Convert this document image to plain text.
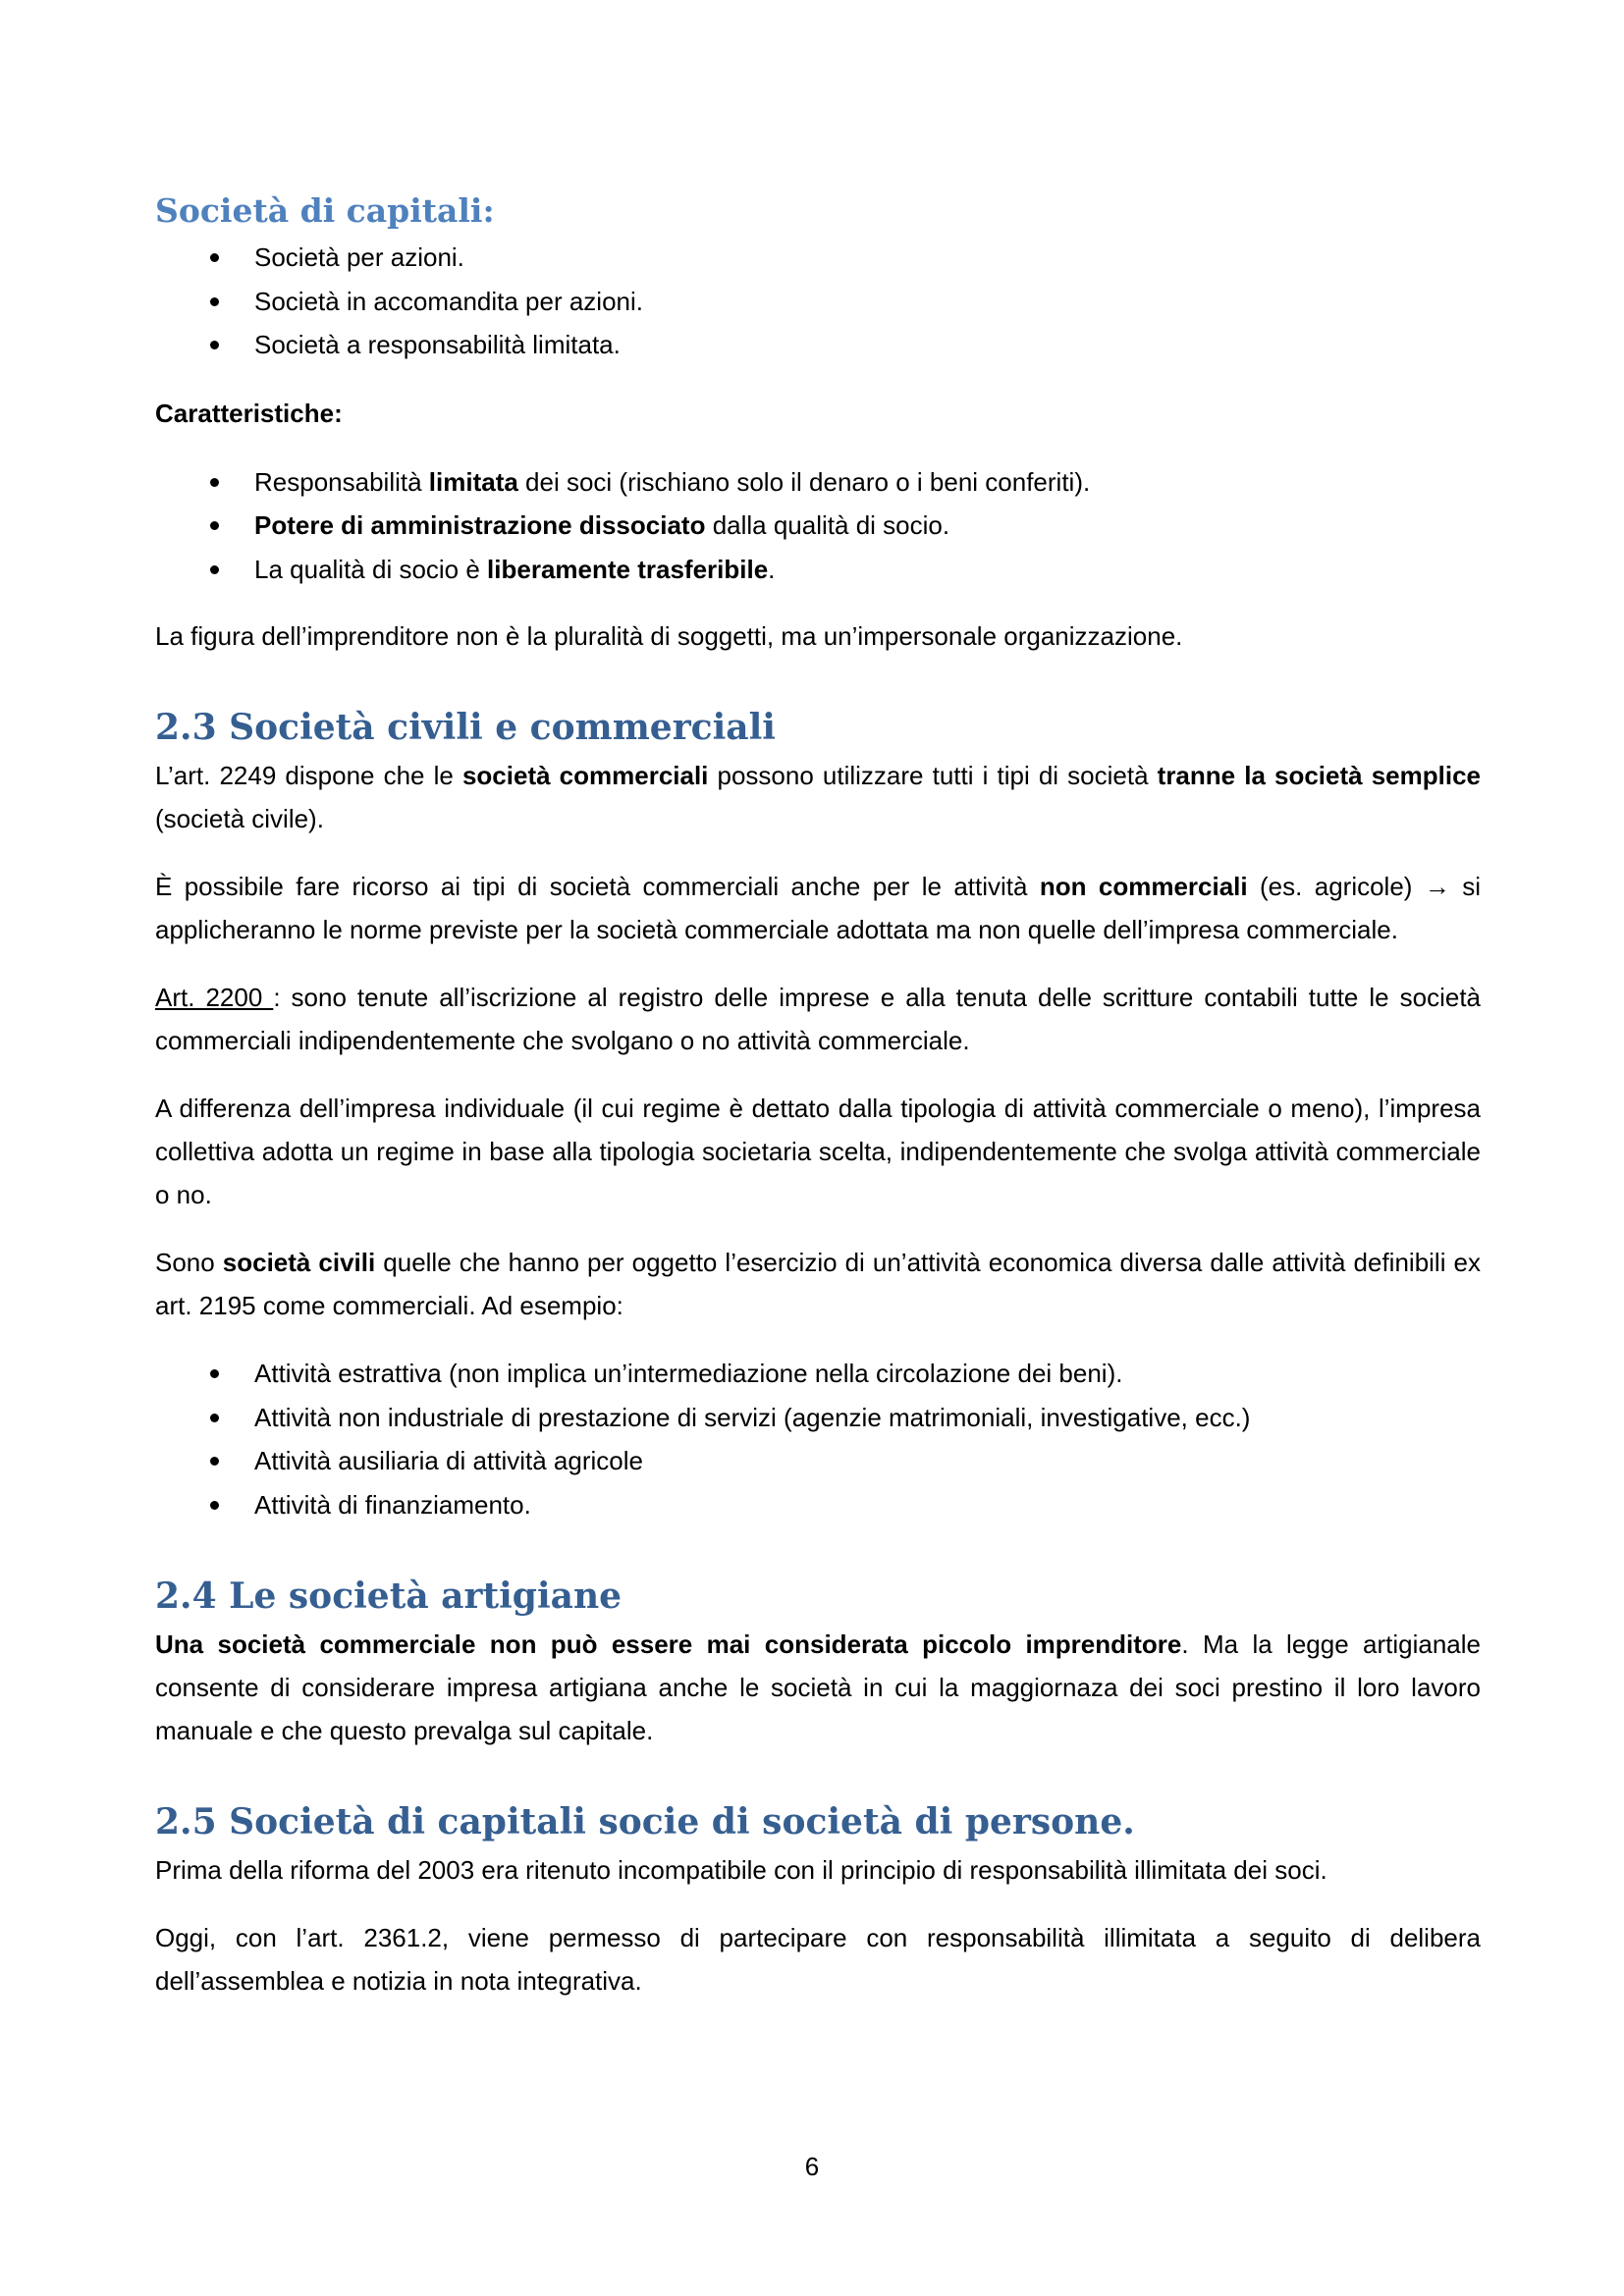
Società di capitali:
Società per azioni.
Società in accomandita per azioni.
Società a responsabilità limitata.

Caratteristiche:

Responsabilità limitata dei soci (rischiano solo il denaro o i beni conferiti).
Potere di amministrazione dissociato dalla qualità di socio.
La qualità di socio è liberamente trasferibile.

La figura dell’imprenditore non è la pluralità di soggetti, ma un’impersonale organizzazione.

2.3 Società civili e commerciali

L’art. 2249 dispone che le società commerciali possono utilizzare tutti i tipi di società tranne la società semplice (società civile).

È possibile fare ricorso ai tipi di società commerciali anche per le attività non commerciali (es. agricole) → si applicheranno le norme previste per la società commerciale adottata ma non quelle dell’impresa commerciale.

Art. 2200 : sono tenute all’iscrizione al registro delle imprese e alla tenuta delle scritture contabili tutte le società commerciali indipendentemente che svolgano o no attività commerciale.

A differenza dell’impresa individuale (il cui regime è dettato dalla tipologia di attività commerciale o meno), l’impresa collettiva adotta un regime in base alla tipologia societaria scelta, indipendentemente che svolga attività commerciale o no.

Sono società civili quelle che hanno per oggetto l’esercizio di un’attività economica diversa dalle attività definibili ex art. 2195 come commerciali. Ad esempio:

Attività estrattiva (non implica un’intermediazione nella circolazione dei beni).
Attività non industriale di prestazione di servizi (agenzie matrimoniali, investigative, ecc.)
Attività ausiliaria di attività agricole
Attività di finanziamento.
2.4 Le società artigiane

Una società commerciale non può essere mai considerata piccolo imprenditore. Ma la legge artigianale consente di considerare impresa artigiana anche le società in cui la maggiornaza dei soci prestino il loro lavoro manuale e che questo prevalga sul capitale.

2.5 Società di capitali socie di società di persone.

Prima della riforma del 2003 era ritenuto incompatibile con il principio di responsabilità illimitata dei soci.

Oggi, con l’art. 2361.2, viene permesso di partecipare con responsabilità illimitata a seguito di delibera dell’assemblea e notizia in nota integrativa.

6
